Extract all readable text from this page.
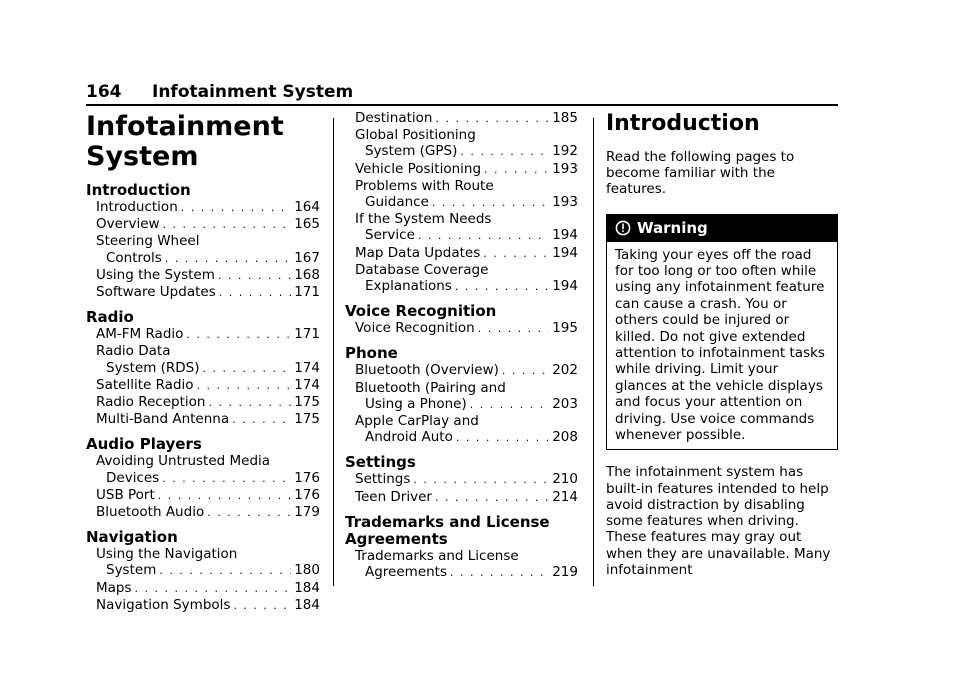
164 Infotainment System
Infotainment System
Introduction
Introduction . . .	164
Overview . . .	165
Steering Wheel
Controls . . .	167
Using the System . . .	168
Software Updates . . .	171
Radio
AM-FM Radio . . .	171
Radio Data
System (RDS) . . .	174
Satellite Radio . . .	174
Radio Reception . . .	175
Multi-Band Antenna . . .	175
Audio Players
Avoiding Untrusted Media
Devices . . .	176
USB Port . . .	176
Bluetooth Audio . . .	179
Navigation
Using the Navigation
System . . .	180
Maps . . .	184
Navigation Symbols . . .	184
Destination . . .	185
Global Positioning
System (GPS) . . .	192
Vehicle Positioning . . .	193
Problems with Route
Guidance . . .	193
If the System Needs
Service . . .	194
Map Data Updates . . .	194
Database Coverage
Explanations . . .	194
Voice Recognition
Voice Recognition . . .	195
Phone
Bluetooth (Overview) . . .	202
Bluetooth (Pairing and
Using a Phone) . . .	203
Apple CarPlay and
Android Auto . . .	208
Settings
Settings . . .	210
Teen Driver . . .	214
Trademarks and License Agreements
Trademarks and License
Agreements . . .	219
Introduction

Read the following pages to become familiar with the features.

Warning
Taking your eyes off the road for too long or too often while using any infotainment feature can cause a crash. You or others could be injured or killed. Do not give extended attention to infotainment tasks while driving. Limit your glances at the vehicle displays and focus your attention on driving. Use voice commands whenever possible.

The infotainment system has built-in features intended to help avoid distraction by disabling some features when driving. These features may gray out when they are unavailable. Many infotainment
